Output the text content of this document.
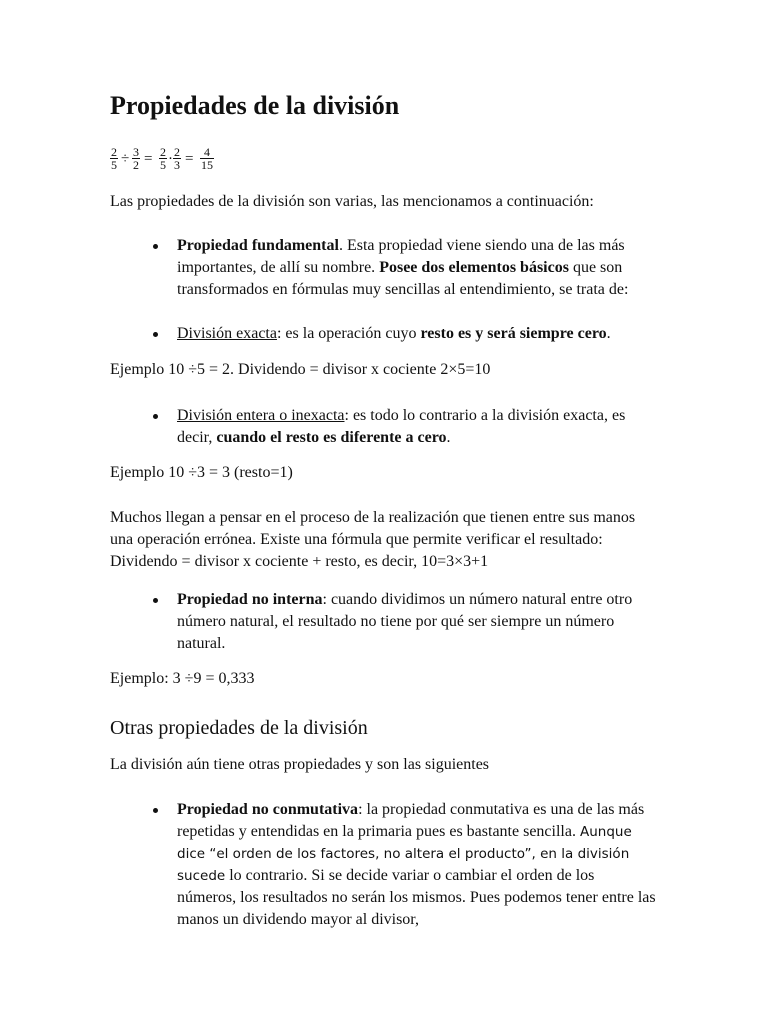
Propiedades de la división
$\frac{2}{5} \div \frac{3}{2} = \frac{2}{5} \cdot \frac{2}{3} = \frac{4}{15}$

Las propiedades de la división son varias, las mencionamos a continuación:

Propiedad fundamental. Esta propiedad viene siendo una de las más importantes, de allí su nombre. Posee dos elementos básicos que son transformados en fórmulas muy sencillas al entendimiento, se trata de:
División exacta: es la operación cuyo resto es y será siempre cero.

Ejemplo 10 ÷5 = 2. Dividendo = divisor x cociente 2×5=10

División entera o inexacta: es todo lo contrario a la división exacta, es decir, cuando el resto es diferente a cero.

Ejemplo 10 ÷3 = 3 (resto=1)

Muchos llegan a pensar en el proceso de la realización que tienen entre sus manos una operación errónea. Existe una fórmula que permite verificar el resultado: Dividendo = divisor x cociente + resto, es decir, 10=3×3+1

Propiedad no interna: cuando dividimos un número natural entre otro número natural, el resultado no tiene por qué ser siempre un número natural.

Ejemplo: 3 ÷9 = 0,333

Otras propiedades de la división

La división aún tiene otras propiedades y son las siguientes

Propiedad no conmutativa: la propiedad conmutativa es una de las más repetidas y entendidas en la primaria pues es bastante sencilla. Aunque dice “el orden de los factores, no altera el producto”, en la división sucede lo contrario. Si se decide variar o cambiar el orden de los números, los resultados no serán los mismos. Pues podemos tener entre las manos un dividendo mayor al divisor,
